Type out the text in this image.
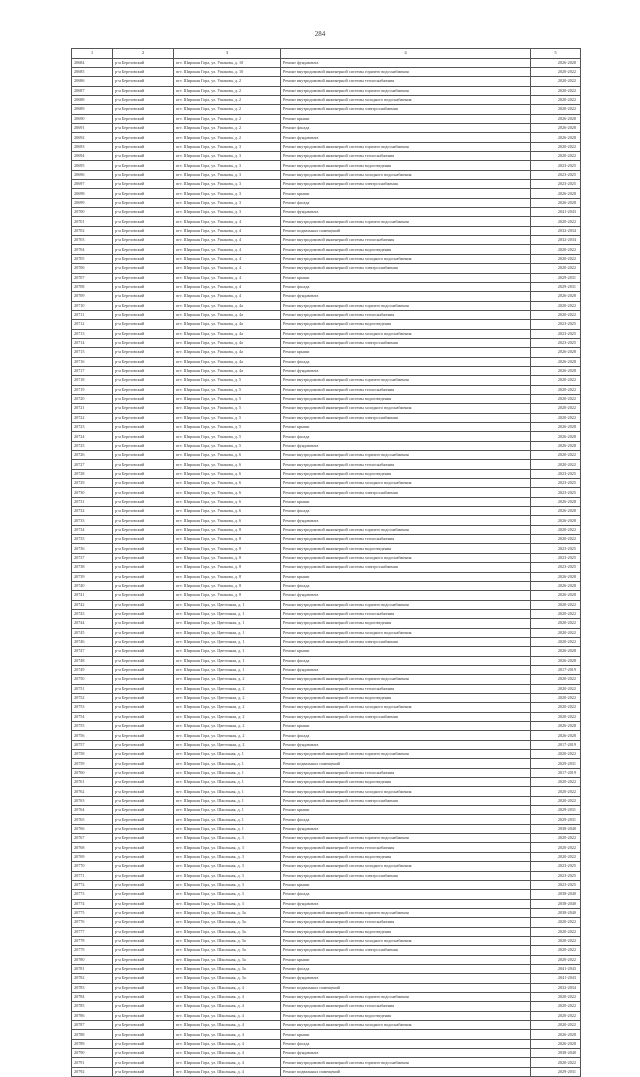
284
1	2	3	4	5
20684	р-н Березовский	пгт. Широкая Гора, ул. Ушакова, д. 10	Ремонт фундамента	2026-2028
20685	р-н Березовский	пгт. Широкая Гора, ул. Ушакова, д. 10	Ремонт внутридомовой инженерной системы горячего водоснабжения	2020-2022
20686	р-н Березовский	пгт. Широкая Гора, ул. Ушакова, д. 2	Ремонт внутридомовой инженерной системы теплоснабжения	2020-2022
20687	р-н Березовский	пгт. Широкая Гора, ул. Ушакова, д. 2	Ремонт внутридомовой инженерной системы горячего водоснабжения	2020-2022
20688	р-н Березовский	пгт. Широкая Гора, ул. Ушакова, д. 2	Ремонт внутридомовой инженерной системы холодного водоснабжения	2020-2022
20689	р-н Березовский	пгт. Широкая Гора, ул. Ушакова, д. 2	Ремонт внутридомовой инженерной системы электроснабжения	2020-2022
20690	р-н Березовский	пгт. Широкая Гора, ул. Ушакова, д. 2	Ремонт крыши	2026-2028
20691	р-н Березовский	пгт. Широкая Гора, ул. Ушакова, д. 2	Ремонт фасада	2026-2028
20692	р-н Березовский	пгт. Широкая Гора, ул. Ушакова, д. 2	Ремонт фундамента	2026-2028
20693	р-н Березовский	пгт. Широкая Гора, ул. Ушакова, д. 3	Ремонт внутридомовой инженерной системы горячего водоснабжения	2020-2022
20694	р-н Березовский	пгт. Широкая Гора, ул. Ушакова, д. 3	Ремонт внутридомовой инженерной системы теплоснабжения	2020-2022
20695	р-н Березовский	пгт. Широкая Гора, ул. Ушакова, д. 3	Ремонт внутридомовой инженерной системы водоотведения	2023-2025
20696	р-н Березовский	пгт. Широкая Гора, ул. Ушакова, д. 3	Ремонт внутридомовой инженерной системы холодного водоснабжения	2023-2025
20697	р-н Березовский	пгт. Широкая Гора, ул. Ушакова, д. 3	Ремонт внутридомовой инженерной системы электроснабжения	2023-2025
20698	р-н Березовский	пгт. Широкая Гора, ул. Ушакова, д. 3	Ремонт крыши	2026-2028
20699	р-н Березовский	пгт. Широкая Гора, ул. Ушакова, д. 3	Ремонт фасада	2026-2028
20700	р-н Березовский	пгт. Широкая Гора, ул. Ушакова, д. 3	Ремонт фундамента	2041-2043
20701	р-н Березовский	пгт. Широкая Гора, ул. Ушакова, д. 4	Ремонт внутридомовой инженерной системы горячего водоснабжения	2020-2022
20702	р-н Березовский	пгт. Широкая Гора, ул. Ушакова, д. 4	Ремонт подвальных помещений	2032-2034
20703	р-н Березовский	пгт. Широкая Гора, ул. Ушакова, д. 4	Ремонт внутридомовой инженерной системы теплоснабжения	2032-2034
20704	р-н Березовский	пгт. Широкая Гора, ул. Ушакова, д. 4	Ремонт внутридомовой инженерной системы водоотведения	2020-2022
20705	р-н Березовский	пгт. Широкая Гора, ул. Ушакова, д. 4	Ремонт внутридомовой инженерной системы холодного водоснабжения	2020-2022
20706	р-н Березовский	пгт. Широкая Гора, ул. Ушакова, д. 4	Ремонт внутридомовой инженерной системы электроснабжения	2020-2022
20707	р-н Березовский	пгт. Широкая Гора, ул. Ушакова, д. 4	Ремонт крыши	2029-2031
20708	р-н Березовский	пгт. Широкая Гора, ул. Ушакова, д. 4	Ремонт фасада	2029-2031
20709	р-н Березовский	пгт. Широкая Гора, ул. Ушакова, д. 4	Ремонт фундамента	2026-2028
20710	р-н Березовский	пгт. Широкая Гора, ул. Ушакова, д. 4а	Ремонт внутридомовой инженерной системы горячего водоснабжения	2020-2022
20711	р-н Березовский	пгт. Широкая Гора, ул. Ушакова, д. 4а	Ремонт внутридомовой инженерной системы теплоснабжения	2020-2022
20712	р-н Березовский	пгт. Широкая Гора, ул. Ушакова, д. 4а	Ремонт внутридомовой инженерной системы водоотведения	2023-2025
20713	р-н Березовский	пгт. Широкая Гора, ул. Ушакова, д. 4а	Ремонт внутридомовой инженерной системы холодного водоснабжения	2023-2025
20714	р-н Березовский	пгт. Широкая Гора, ул. Ушакова, д. 4а	Ремонт внутридомовой инженерной системы электроснабжения	2023-2025
20715	р-н Березовский	пгт. Широкая Гора, ул. Ушакова, д. 4а	Ремонт крыши	2026-2028
20716	р-н Березовский	пгт. Широкая Гора, ул. Ушакова, д. 4а	Ремонт фасада	2026-2028
20717	р-н Березовский	пгт. Широкая Гора, ул. Ушакова, д. 4а	Ремонт фундамента	2026-2028
20718	р-н Березовский	пгт. Широкая Гора, ул. Ушакова, д. 5	Ремонт внутридомовой инженерной системы горячего водоснабжения	2020-2022
20719	р-н Березовский	пгт. Широкая Гора, ул. Ушакова, д. 5	Ремонт внутридомовой инженерной системы теплоснабжения	2020-2022
20720	р-н Березовский	пгт. Широкая Гора, ул. Ушакова, д. 5	Ремонт внутридомовой инженерной системы водоотведения	2020-2022
20721	р-н Березовский	пгт. Широкая Гора, ул. Ушакова, д. 5	Ремонт внутридомовой инженерной системы холодного водоснабжения	2020-2022
20722	р-н Березовский	пгт. Широкая Гора, ул. Ушакова, д. 5	Ремонт внутридомовой инженерной системы электроснабжения	2020-2022
20723	р-н Березовский	пгт. Широкая Гора, ул. Ушакова, д. 5	Ремонт крыши	2026-2028
20724	р-н Березовский	пгт. Широкая Гора, ул. Ушакова, д. 5	Ремонт фасада	2026-2028
20725	р-н Березовский	пгт. Широкая Гора, ул. Ушакова, д. 5	Ремонт фундамента	2026-2028
20726	р-н Березовский	пгт. Широкая Гора, ул. Ушакова, д. 6	Ремонт внутридомовой инженерной системы горячего водоснабжения	2020-2022
20727	р-н Березовский	пгт. Широкая Гора, ул. Ушакова, д. 6	Ремонт внутридомовой инженерной системы теплоснабжения	2020-2022
20728	р-н Березовский	пгт. Широкая Гора, ул. Ушакова, д. 6	Ремонт внутридомовой инженерной системы водоотведения	2023-2025
20729	р-н Березовский	пгт. Широкая Гора, ул. Ушакова, д. 6	Ремонт внутридомовой инженерной системы холодного водоснабжения	2023-2025
20730	р-н Березовский	пгт. Широкая Гора, ул. Ушакова, д. 6	Ремонт внутридомовой инженерной системы электроснабжения	2023-2025
20731	р-н Березовский	пгт. Широкая Гора, ул. Ушакова, д. 6	Ремонт крыши	2026-2028
20732	р-н Березовский	пгт. Широкая Гора, ул. Ушакова, д. 6	Ремонт фасада	2026-2028
20733	р-н Березовский	пгт. Широкая Гора, ул. Ушакова, д. 6	Ремонт фундамента	2026-2028
20734	р-н Березовский	пгт. Широкая Гора, ул. Ушакова, д. 8	Ремонт внутридомовой инженерной системы горячего водоснабжения	2020-2022
20735	р-н Березовский	пгт. Широкая Гора, ул. Ушакова, д. 8	Ремонт внутридомовой инженерной системы теплоснабжения	2020-2022
20736	р-н Березовский	пгт. Широкая Гора, ул. Ушакова, д. 8	Ремонт внутридомовой инженерной системы водоотведения	2023-2025
20737	р-н Березовский	пгт. Широкая Гора, ул. Ушакова, д. 8	Ремонт внутридомовой инженерной системы холодного водоснабжения	2023-2025
20738	р-н Березовский	пгт. Широкая Гора, ул. Ушакова, д. 8	Ремонт внутридомовой инженерной системы электроснабжения	2023-2025
20739	р-н Березовский	пгт. Широкая Гора, ул. Ушакова, д. 8	Ремонт крыши	2026-2028
20740	р-н Березовский	пгт. Широкая Гора, ул. Ушакова, д. 8	Ремонт фасада	2026-2028
20741	р-н Березовский	пгт. Широкая Гора, ул. Ушакова, д. 8	Ремонт фундамента	2026-2028
20742	р-н Березовский	пгт. Широкая Гора, ул. Цветочная, д. 1	Ремонт внутридомовой инженерной системы горячего водоснабжения	2020-2022
20743	р-н Березовский	пгт. Широкая Гора, ул. Цветочная, д. 1	Ремонт внутридомовой инженерной системы теплоснабжения	2020-2022
20744	р-н Березовский	пгт. Широкая Гора, ул. Цветочная, д. 1	Ремонт внутридомовой инженерной системы водоотведения	2020-2022
20745	р-н Березовский	пгт. Широкая Гора, ул. Цветочная, д. 1	Ремонт внутридомовой инженерной системы холодного водоснабжения	2020-2022
20746	р-н Березовский	пгт. Широкая Гора, ул. Цветочная, д. 1	Ремонт внутридомовой инженерной системы электроснабжения	2020-2022
20747	р-н Березовский	пгт. Широкая Гора, ул. Цветочная, д. 1	Ремонт крыши	2026-2028
20748	р-н Березовский	пгт. Широкая Гора, ул. Цветочная, д. 1	Ремонт фасада	2026-2028
20749	р-н Березовский	пгт. Широкая Гора, ул. Цветочная, д. 1	Ремонт фундамента	2017-2019
20750	р-н Березовский	пгт. Широкая Гора, ул. Цветочная, д. 2	Ремонт внутридомовой инженерной системы горячего водоснабжения	2020-2022
20751	р-н Березовский	пгт. Широкая Гора, ул. Цветочная, д. 2	Ремонт внутридомовой инженерной системы теплоснабжения	2020-2022
20752	р-н Березовский	пгт. Широкая Гора, ул. Цветочная, д. 2	Ремонт внутридомовой инженерной системы водоотведения	2020-2022
20753	р-н Березовский	пгт. Широкая Гора, ул. Цветочная, д. 2	Ремонт внутридомовой инженерной системы холодного водоснабжения	2020-2022
20754	р-н Березовский	пгт. Широкая Гора, ул. Цветочная, д. 2	Ремонт внутридомовой инженерной системы электроснабжения	2020-2022
20755	р-н Березовский	пгт. Широкая Гора, ул. Цветочная, д. 2	Ремонт крыши	2026-2028
20756	р-н Березовский	пгт. Широкая Гора, ул. Цветочная, д. 2	Ремонт фасада	2026-2028
20757	р-н Березовский	пгт. Широкая Гора, ул. Цветочная, д. 2	Ремонт фундамента	2017-2019
20758	р-н Березовский	пгт. Широкая Гора, ул. Школьная, д. 1	Ремонт внутридомовой инженерной системы горячего водоснабжения	2020-2022
20759	р-н Березовский	пгт. Широкая Гора, ул. Школьная, д. 1	Ремонт подвальных помещений	2029-2031
20760	р-н Березовский	пгт. Широкая Гора, ул. Школьная, д. 1	Ремонт внутридомовой инженерной системы теплоснабжения	2017-2019
20761	р-н Березовский	пгт. Широкая Гора, ул. Школьная, д. 1	Ремонт внутридомовой инженерной системы водоотведения	2020-2022
20762	р-н Березовский	пгт. Широкая Гора, ул. Школьная, д. 1	Ремонт внутридомовой инженерной системы холодного водоснабжения	2020-2022
20763	р-н Березовский	пгт. Широкая Гора, ул. Школьная, д. 1	Ремонт внутридомовой инженерной системы электроснабжения	2020-2022
20764	р-н Березовский	пгт. Широкая Гора, ул. Школьная, д. 1	Ремонт крыши	2029-2031
20765	р-н Березовский	пгт. Широкая Гора, ул. Школьная, д. 1	Ремонт фасада	2029-2031
20766	р-н Березовский	пгт. Широкая Гора, ул. Школьная, д. 1	Ремонт фундамента	2038-2040
20767	р-н Березовский	пгт. Широкая Гора, ул. Школьная, д. 3	Ремонт внутридомовой инженерной системы горячего водоснабжения	2020-2022
20768	р-н Березовский	пгт. Широкая Гора, ул. Школьная, д. 3	Ремонт внутридомовой инженерной системы теплоснабжения	2020-2022
20769	р-н Березовский	пгт. Широкая Гора, ул. Школьная, д. 3	Ремонт внутридомовой инженерной системы водоотведения	2020-2022
20770	р-н Березовский	пгт. Широкая Гора, ул. Школьная, д. 3	Ремонт внутридомовой инженерной системы холодного водоснабжения	2023-2025
20771	р-н Березовский	пгт. Широкая Гора, ул. Школьная, д. 3	Ремонт внутридомовой инженерной системы электроснабжения	2023-2025
20772	р-н Березовский	пгт. Широкая Гора, ул. Школьная, д. 3	Ремонт крыши	2023-2025
20773	р-н Березовский	пгт. Широкая Гора, ул. Школьная, д. 3	Ремонт фасада	2038-2040
20774	р-н Березовский	пгт. Широкая Гора, ул. Школьная, д. 3	Ремонт фундамента	2038-2040
20775	р-н Березовский	пгт. Широкая Гора, ул. Школьная, д. 3а	Ремонт внутридомовой инженерной системы горячего водоснабжения	2038-2040
20776	р-н Березовский	пгт. Широкая Гора, ул. Школьная, д. 3а	Ремонт внутридомовой инженерной системы теплоснабжения	2020-2022
20777	р-н Березовский	пгт. Широкая Гора, ул. Школьная, д. 3а	Ремонт внутридомовой инженерной системы водоотведения	2020-2022
20778	р-н Березовский	пгт. Широкая Гора, ул. Школьная, д. 3а	Ремонт внутридомовой инженерной системы холодного водоснабжения	2020-2022
20779	р-н Березовский	пгт. Широкая Гора, ул. Школьная, д. 3а	Ремонт внутридомовой инженерной системы электроснабжения	2020-2022
20780	р-н Березовский	пгт. Широкая Гора, ул. Школьная, д. 3а	Ремонт крыши	2020-2022
20781	р-н Березовский	пгт. Широкая Гора, ул. Школьная, д. 3а	Ремонт фасада	2041-2043
20782	р-н Березовский	пгт. Широкая Гора, ул. Школьная, д. 3а	Ремонт фундамента	2041-2043
20783	р-н Березовский	пгт. Широкая Гора, ул. Школьная, д. 4	Ремонт подвальных помещений	2032-2034
20784	р-н Березовский	пгт. Широкая Гора, ул. Школьная, д. 4	Ремонт внутридомовой инженерной системы горячего водоснабжения	2020-2022
20785	р-н Березовский	пгт. Широкая Гора, ул. Школьная, д. 4	Ремонт внутридомовой инженерной системы теплоснабжения	2020-2022
20786	р-н Березовский	пгт. Широкая Гора, ул. Школьная, д. 4	Ремонт внутридомовой инженерной системы водоотведения	2020-2022
20787	р-н Березовский	пгт. Широкая Гора, ул. Школьная, д. 4	Ремонт внутридомовой инженерной системы холодного водоснабжения	2020-2022
20788	р-н Березовский	пгт. Широкая Гора, ул. Школьная, д. 4	Ремонт крыши	2026-2028
20789	р-н Березовский	пгт. Широкая Гора, ул. Школьная, д. 4	Ремонт фасада	2026-2028
20790	р-н Березовский	пгт. Широкая Гора, ул. Школьная, д. 4	Ремонт фундамента	2038-2040
20791	р-н Березовский	пгт. Широкая Гора, ул. Школьная, д. 4	Ремонт внутридомовой инженерной системы горячего водоснабжения	2020-2022
20792	р-н Березовский	пгт. Широкая Гора, ул. Школьная, д. 4	Ремонт подвальных помещений	2029-2031
